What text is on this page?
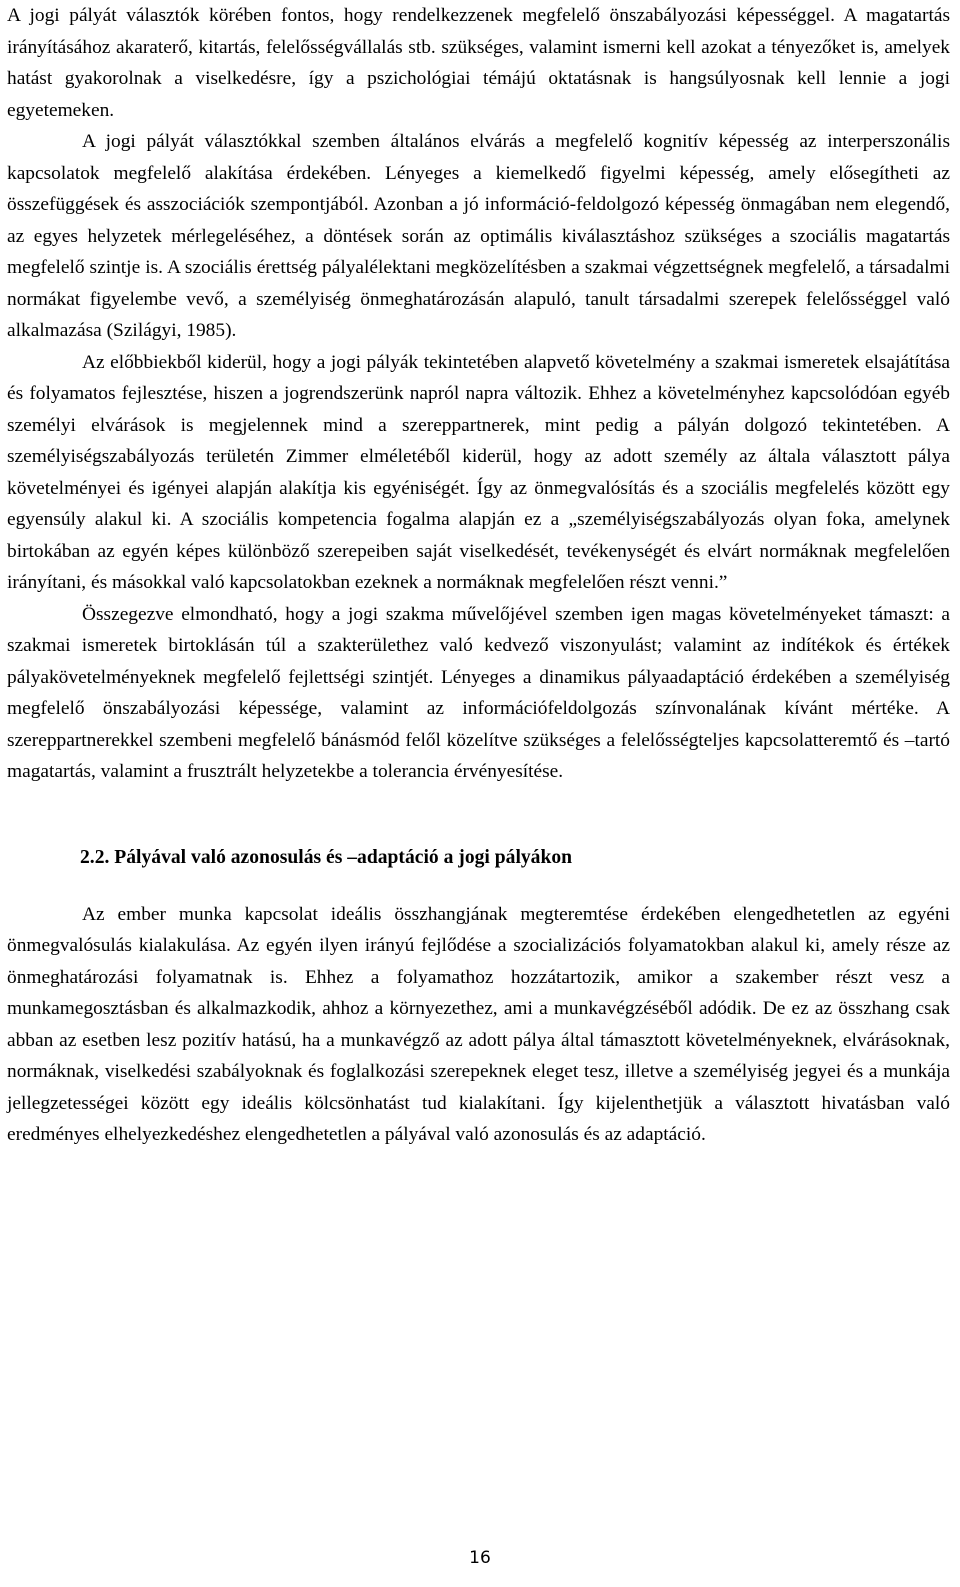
A jogi pályát választók körében fontos, hogy rendelkezzenek megfelelő önszabályozási képességgel. A magatartás irányításához akaraterő, kitartás, felelősségvállalás stb. szükséges, valamint ismerni kell azokat a tényezőket is, amelyek hatást gyakorolnak a viselkedésre, így a pszichológiai témájú oktatásnak is hangsúlyosnak kell lennie a jogi egyetemeken.

A jogi pályát választókkal szemben általános elvárás a megfelelő kognitív képesség az interperszonális kapcsolatok megfelelő alakítása érdekében. Lényeges a kiemelkedő figyelmi képesség, amely elősegítheti az összefüggések és asszociációk szempontjából. Azonban a jó információ-feldolgozó képesség önmagában nem elegendő, az egyes helyzetek mérlegeléséhez, a döntések során az optimális kiválasztáshoz szükséges a szociális magatartás megfelelő szintje is. A szociális érettség pályalélektani megközelítésben a szakmai végzettségnek megfelelő, a társadalmi normákat figyelembe vevő, a személyiség önmeghatározásán alapuló, tanult társadalmi szerepek felelősséggel való alkalmazása (Szilágyi, 1985).

Az előbbiekből kiderül, hogy a jogi pályák tekintetében alapvető követelmény a szakmai ismeretek elsajátítása és folyamatos fejlesztése, hiszen a jogrendszerünk napról napra változik. Ehhez a követelményhez kapcsolódóan egyéb személyi elvárások is megjelennek mind a szereppartnerek, mint pedig a pályán dolgozó tekintetében. A személyiségszabályozás területén Zimmer elméletéből kiderül, hogy az adott személy az általa választott pálya követelményei és igényei alapján alakítja kis egyéniségét. Így az önmegvalósítás és a szociális megfelelés között egy egyensúly alakul ki. A szociális kompetencia fogalma alapján ez a „személyiségszabályozás olyan foka, amelynek birtokában az egyén képes különböző szerepeiben saját viselkedését, tevékenységét és elvárt normáknak megfelelően irányítani, és másokkal való kapcsolatokban ezeknek a normáknak megfelelően részt venni.”

Összegezve elmondható, hogy a jogi szakma művelőjével szemben igen magas követelményeket támaszt: a szakmai ismeretek birtoklásán túl a szakterülethez való kedvező viszonyulást; valamint az indítékok és értékek pályakövetelményeknek megfelelő fejlettségi szintjét. Lényeges a dinamikus pályaadaptáció érdekében a személyiség megfelelő önszabályozási képessége, valamint az információfeldolgozás színvonalának kívánt mértéke. A szereppartnerekkel szembeni megfelelő bánásmód felől közelítve szükséges a felelősségteljes kapcsolatteremtő és –tartó magatartás, valamint a frusztrált helyzetekbe a tolerancia érvényesítése.

2.2. Pályával való azonosulás és –adaptáció a jogi pályákon

Az ember munka kapcsolat ideális összhangjának megteremtése érdekében elengedhetetlen az egyéni önmegvalósulás kialakulása. Az egyén ilyen irányú fejlődése a szocializációs folyamatokban alakul ki, amely része az önmeghatározási folyamatnak is. Ehhez a folyamathoz hozzátartozik, amikor a szakember részt vesz a munkamegosztásban és alkalmazkodik, ahhoz a környezethez, ami a munkavégzéséből adódik. De ez az összhang csak abban az esetben lesz pozitív hatású, ha a munkavégző az adott pálya által támasztott követelményeknek, elvárásoknak, normáknak, viselkedési szabályoknak és foglalkozási szerepeknek eleget tesz, illetve a személyiség jegyei és a munkája jellegzetességei között egy ideális kölcsönhatást tud kialakítani. Így kijelenthetjük a választott hivatásban való eredményes elhelyezkedéshez elengedhetetlen a pályával való azonosulás és az adaptáció.

16
